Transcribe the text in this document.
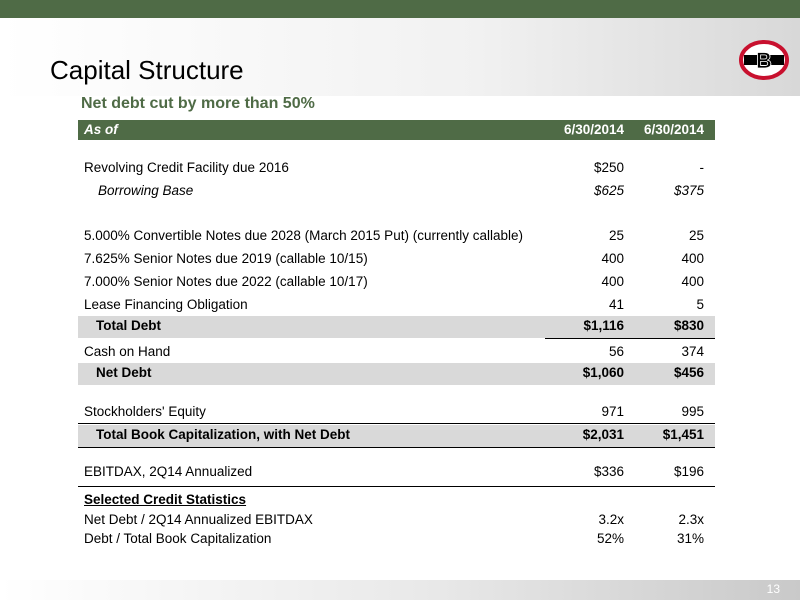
Capital Structure	B
Net debt cut by more than 50%
As of	6/30/2014 6/30/2014
Revolving Credit Facility due 2016	$250	-
Borrowing Base	$625	$375
5.000% Convertible Notes due 2028 (March 2015 Put) (currently callable)	25	25
7.625% Senior Notes due 2019 (callable 10/15)	400	400
7.000% Senior Notes due 2022 (callable 10/17)	400	400
Lease Financing Obligation	41	5
Total Debt	$1,116	$830
Cash on Hand	56	374
Net Debt	$1,060	$456
Stockholders' Equity	971	995
Total Book Capitalization, with Net Debt	$2,031	$1,451
EBITDAX, 2Q14 Annualized	$336	$196
Selected Credit Statistics
Net Debt / 2Q14 Annualized EBITDAX	3.2x	2.3x
Debt / Total Book Capitalization	52%	31%
13
